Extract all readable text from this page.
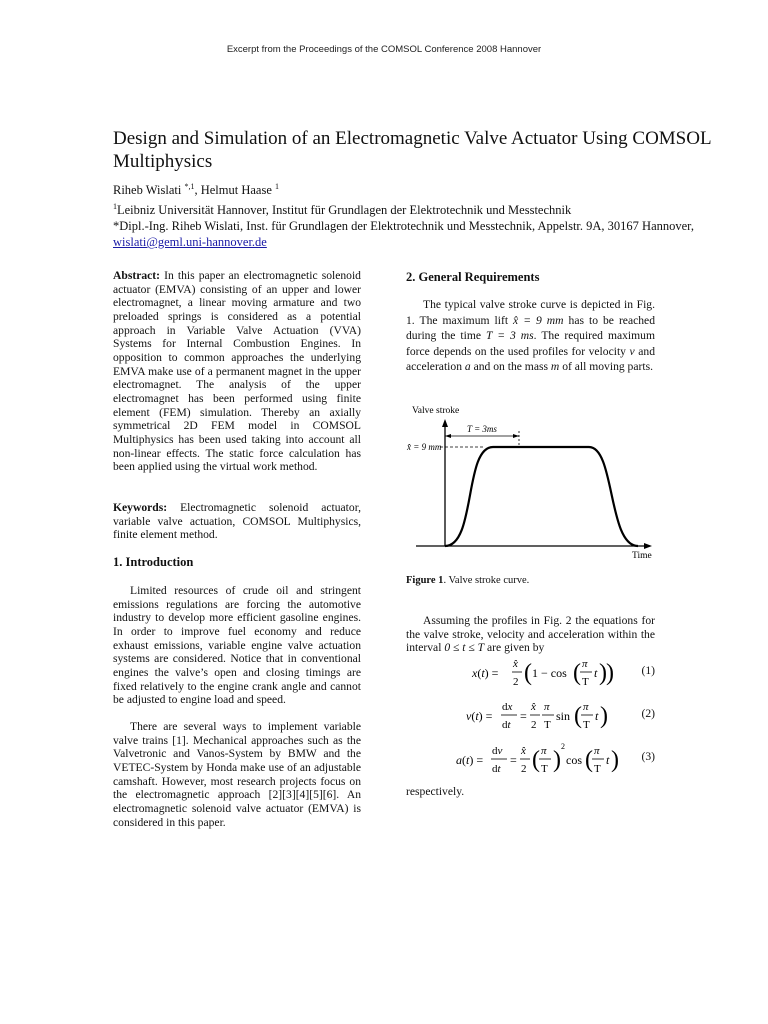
Excerpt from the Proceedings of the COMSOL Conference 2008 Hannover
Design and Simulation of an Electromagnetic Valve Actuator Using COMSOL Multiphysics
Riheb Wislati $^{*,1}$, Helmut Haase $^1$
$^1$Leibniz Universität Hannover, Institut für Grundlagen der Elektrotechnik und Messtechnik
*Dipl.-Ing. Riheb Wislati, Inst. für Grundlagen der Elektrotechnik und Messtechnik, Appelstr. 9A, 30167 Hannover,
wislati@geml.uni-hannover.de
Abstract: In this paper an electromagnetic solenoid actuator (EMVA) consisting of an upper and lower electromagnet, a linear moving armature and two preloaded springs is considered as a potential approach in Variable Valve Actuation (VVA) Systems for Internal Combustion Engines. In opposition to common approaches the underlying EMVA make use of a permanent magnet in the upper electromagnet. The analysis of the upper electromagnet has been performed using finite element (FEM) simulation. Thereby an axially symmetrical 2D FEM model in COMSOL Multiphysics has been used taking into account all non-linear effects. The static force calculation has been applied using the virtual work method.
Keywords: Electromagnetic solenoid actuator, variable valve actuation, COMSOL Multiphysics, finite element method.
1. Introduction
Limited resources of crude oil and stringent emissions regulations are forcing the automotive industry to develop more efficient gasoline engines. In order to improve fuel economy and reduce exhaust emissions, variable engine valve actuation systems are considered. Notice that in conventional engines the valve’s open and closing timings are fixed relatively to the engine crank angle and cannot be adjusted to engine load and speed.
There are several ways to implement variable valve trains [1]. Mechanical approaches such as the Valvetronic and Vanos-System by BMW and the VETEC-System by Honda make use of an adjustable camshaft. However, most research projects focus on the electromagnetic approach [2][3][4][5][6]. An electromagnetic solenoid valve actuator (EMVA) is considered in this paper.
2. General Requirements
The typical valve stroke curve is depicted in Fig. 1. The maximum lift x̂ = 9 mm has to be reached during the time T = 3 ms. The required maximum force depends on the used profiles for velocity v and acceleration a and on the mass m of all moving parts.
Valve stroke
Time
T = 3ms
x̂ = 9 mm
Figure 1. Valve stroke curve.
Assuming the profiles in Fig. 2 the equations for the valve stroke, velocity and acceleration within the interval 0 ≤ t ≤ T are given by
x(t) =
x̂
2 ( 1 − cos ( π
T
t ) ) (1)
v(t) =
dx
dt
=
x̂
2
π
T
sin ( π
T
t )	(2)
a(t) =
dv
dt
=
x̂
2 ( π
T )
2
cos ( π
T
t ) (3)
respectively.
